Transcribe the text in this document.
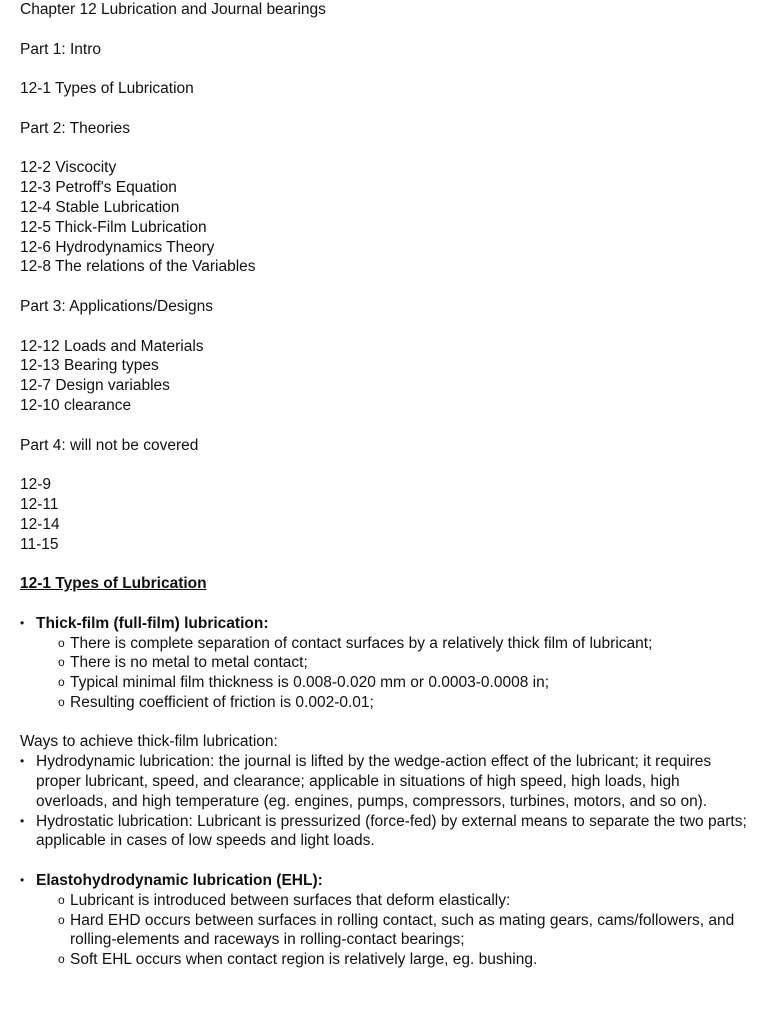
Chapter 12 Lubrication and Journal bearings
Part 1: Intro
12-1 Types of Lubrication
Part 2: Theories
12-2 Viscocity
12-3 Petroff's Equation
12-4 Stable Lubrication
12-5 Thick-Film Lubrication
12-6 Hydrodynamics Theory
12-8 The relations of the Variables
Part 3: Applications/Designs
12-12 Loads and Materials
12-13 Bearing types
12-7 Design variables
12-10 clearance
Part 4: will not be covered
12-9
12-11
12-14
11-15
12-1 Types of Lubrication
• Thick-film (full-film) lubrication:
o There is complete separation of contact surfaces by a relatively thick film of lubricant;
o There is no metal to metal contact;
o Typical minimal film thickness is 0.008-0.020 mm or 0.0003-0.0008 in;
o Resulting coefficient of friction is 0.002-0.01;
Ways to achieve thick-film lubrication:
• Hydrodynamic lubrication: the journal is lifted by the wedge-action effect of the lubricant; it requires proper lubricant, speed, and clearance; applicable in situations of high speed, high loads, high overloads, and high temperature (eg. engines, pumps, compressors, turbines, motors, and so on).
• Hydrostatic lubrication: Lubricant is pressurized (force-fed) by external means to separate the two parts; applicable in cases of low speeds and light loads.
• Elastohydrodynamic lubrication (EHL):
o Lubricant is introduced between surfaces that deform elastically:
o Hard EHD occurs between surfaces in rolling contact, such as mating gears, cams/followers, and rolling-elements and raceways in rolling-contact bearings;
o Soft EHL occurs when contact region is relatively large, eg. bushing.
